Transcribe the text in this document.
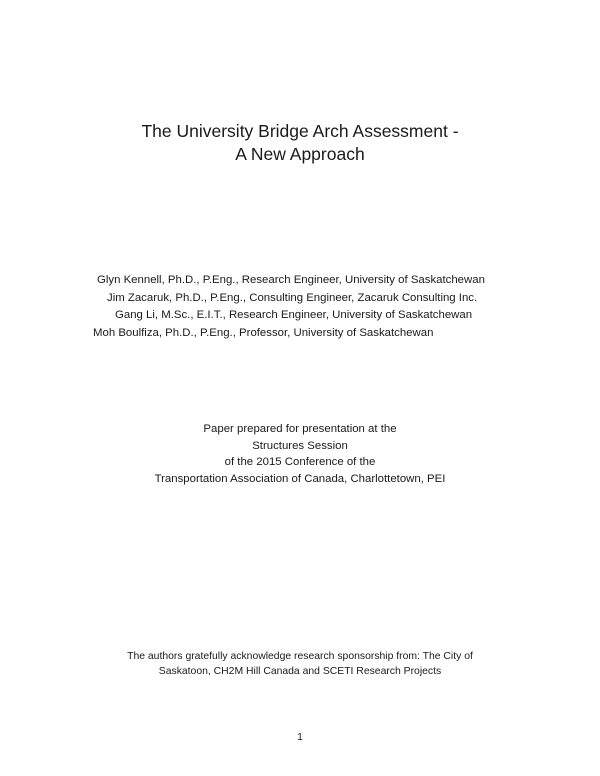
The University Bridge Arch Assessment -
A New Approach
Glyn Kennell, Ph.D., P.Eng., Research Engineer, University of Saskatchewan
Jim Zacaruk, Ph.D., P.Eng., Consulting Engineer, Zacaruk Consulting Inc.
Gang Li, M.Sc., E.I.T., Research Engineer, University of Saskatchewan
Moh Boulfiza, Ph.D., P.Eng., Professor, University of Saskatchewan
Paper prepared for presentation at the
Structures Session
of the 2015 Conference of the
Transportation Association of Canada, Charlottetown, PEI
The authors gratefully acknowledge research sponsorship from: The City of
Saskatoon, CH2M Hill Canada and SCETI Research Projects
1
